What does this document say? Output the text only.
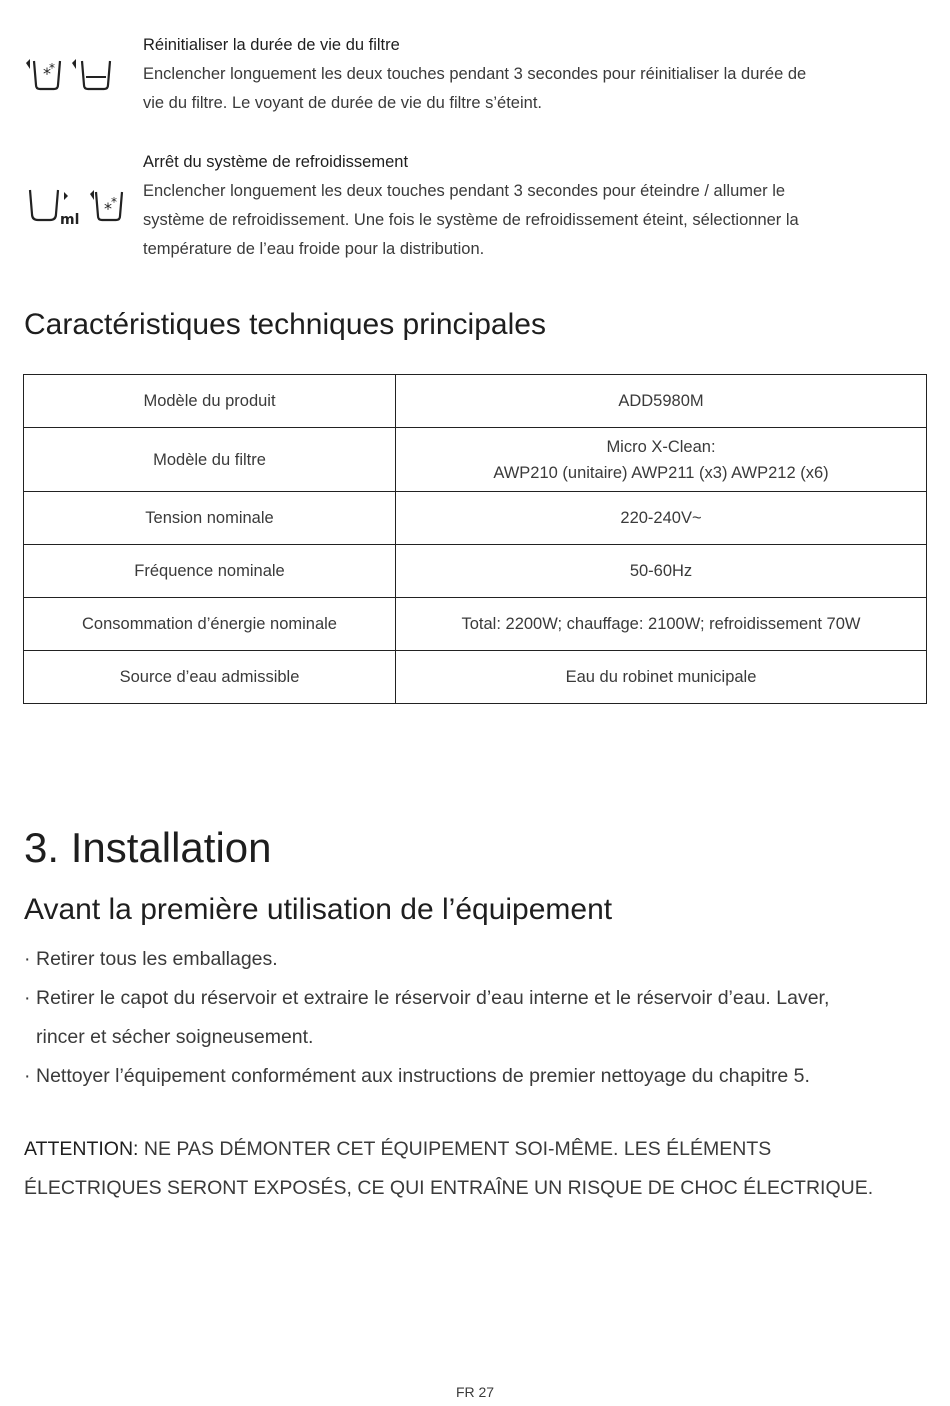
*
*
Réinitialiser la durée de vie du filtre
Enclencher longuement les deux touches pendant 3 secondes pour réinitialiser la durée de
vie du filtre. Le voyant de durée de vie du filtre s’éteint.
ml
* *
Arrêt du système de refroidissement
Enclencher longuement les deux touches pendant 3 secondes pour éteindre / allumer le
système de refroidissement. Une fois le système de refroidissement éteint, sélectionner la
température de l’eau froide pour la distribution.
Caractéristiques techniques principales
Modèle du produit	ADD5980M
Modèle du filtre	Micro X-Clean:
AWP210 (unitaire) AWP211 (x3) AWP212 (x6)

Tension nominale	220-240V~
Fréquence nominale	50-60Hz
Consommation d’énergie nominale	Total: 2200W; chauffage: 2100W; refroidissement 70W
Source d’eau admissible	Eau du robinet municipale
3. Installation
Avant la première utilisation de l’équipement
· Retirer tous les emballages.
· Retirer le capot du réservoir et extraire le réservoir d’eau interne et le réservoir d’eau. Laver,
rincer et sécher soigneusement.
· Nettoyer l’équipement conformément aux instructions de premier nettoyage du chapitre 5.
ATTENTION: NE PAS DÉMONTER CET ÉQUIPEMENT SOI-MÊME. LES ÉLÉMENTS
ÉLECTRIQUES SERONT EXPOSÉS, CE QUI ENTRAÎNE UN RISQUE DE CHOC ÉLECTRIQUE.
FR 27
